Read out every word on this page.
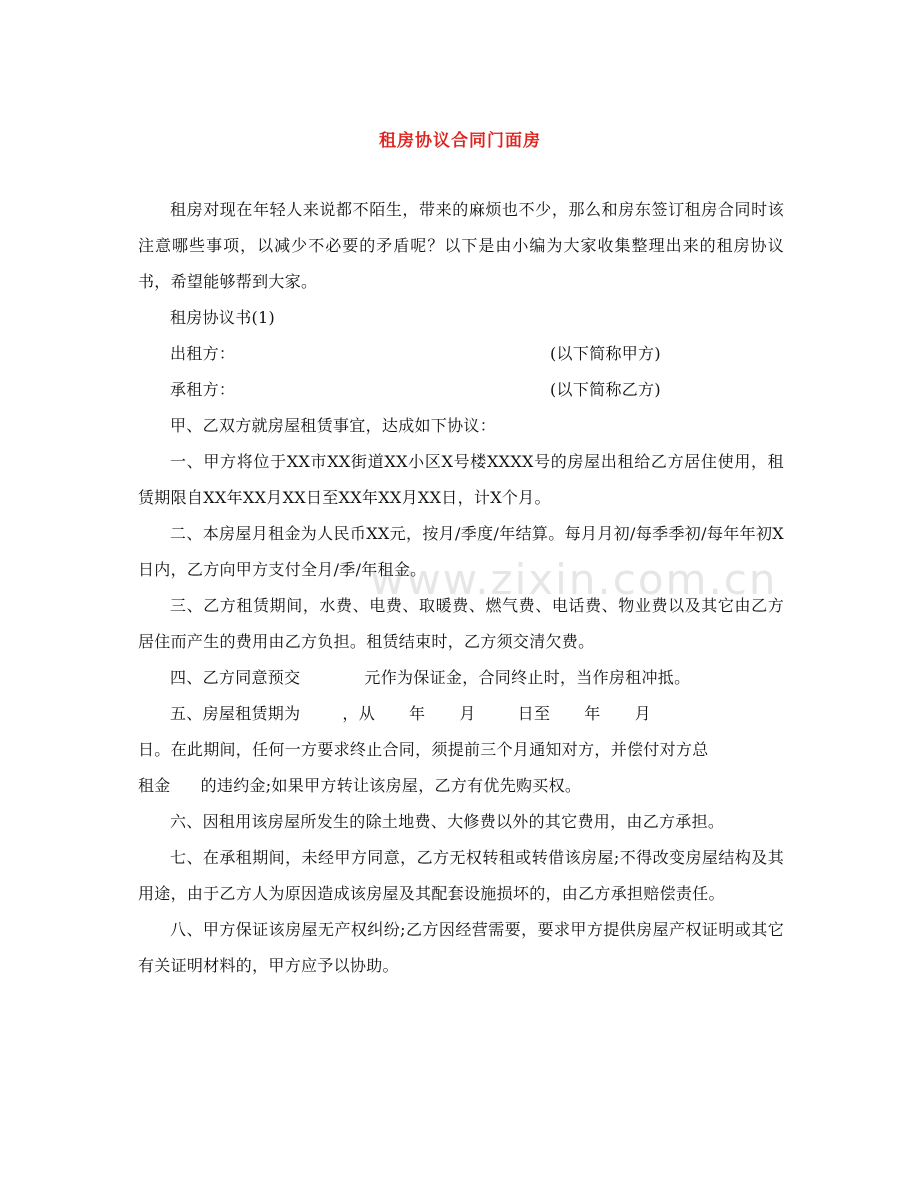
www.zixin.com.cn
租房协议合同门面房

租房对现在年轻人来说都不陌生，带来的麻烦也不少，那么和房东签订租房合同时该注意哪些事项，以减少不必要的矛盾呢？以下是由小编为大家收集整理出来的租房协议书，希望能够帮到大家。

租房协议书(1)

出租方：	(以下简称甲方)

承租方：	(以下简称乙方)

甲、乙双方就房屋租赁事宜，达成如下协议：

一、甲方将位于XX市XX街道XX小区X号楼XXXX号的房屋出租给乙方居住使用，租赁期限自XX年XX月XX日至XX年XX月XX日，计X个月。

二、本房屋月租金为人民币XX元，按月/季度/年结算。每月月初/每季季初/每年年初X日内，乙方向甲方支付全月/季/年租金。

三、乙方租赁期间，水费、电费、取暖费、燃气费、电话费、物业费以及其它由乙方居住而产生的费用由乙方负担。租赁结束时，乙方须交清欠费。

四、乙方同意预交	元作为保证金，合同终止时，当作房租冲抵。

五、房屋租赁期为	，从 年 月	日至 年 月

日。在此期间，任何一方要求终止合同，须提前三个月通知对方，并偿付对方总

租金 的违约金;如果甲方转让该房屋，乙方有优先购买权。

六、因租用该房屋所发生的除土地费、大修费以外的其它费用，由乙方承担。

七、在承租期间，未经甲方同意，乙方无权转租或转借该房屋;不得改变房屋结构及其用途，由于乙方人为原因造成该房屋及其配套设施损坏的，由乙方承担赔偿责任。

八、甲方保证该房屋无产权纠纷;乙方因经营需要，要求甲方提供房屋产权证明或其它有关证明材料的，甲方应予以协助。
